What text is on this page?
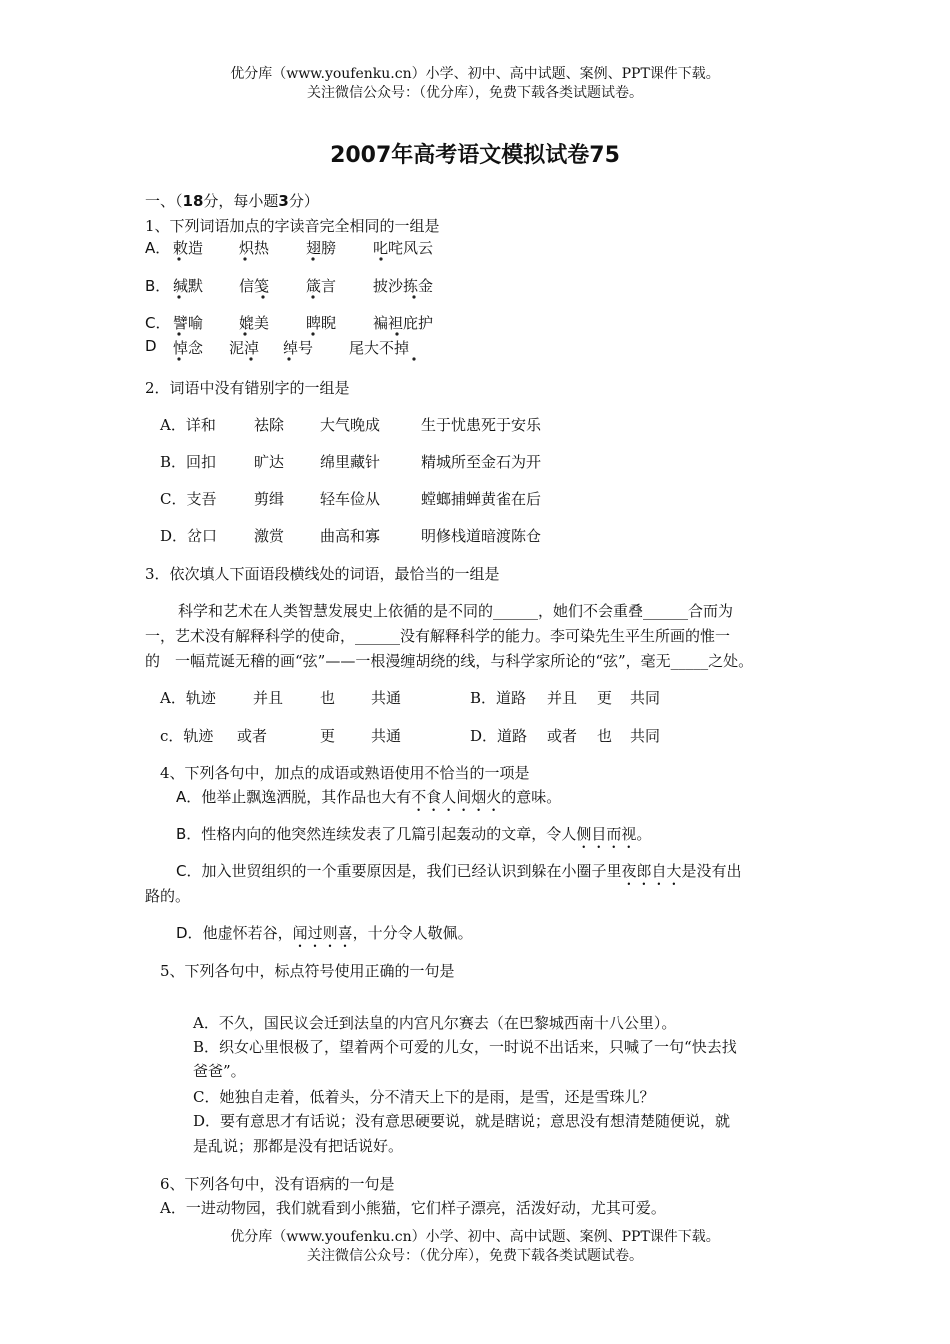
优分库（www.youfenku.cn）小学、初中、高中试题、案例、PPT课件下载。
关注微信公众号：（优分库），免费下载各类试题试卷。
2007年高考语文模拟试卷75
一、（18分，每小题3分）
1、下列词语加点的字读音完全相同的一组是
A． 敕造 炽热 翅膀 叱咤风云
B． 缄默 信笺 箴言 披沙拣金
C． 譬喻 媲美 睥睨 褊袒庇护
D 悼念 泥淖 绰号 尾大不掉
2．词语中没有错别字的一组是
A．详和	祛除 大气晚成	生于忧患死于安乐
B．回扣	旷达 绵里藏针	精城所至金石为开
C．支吾	剪缉 轻车俭从	螳螂捕蝉黄雀在后
D．岔口 激赏 曲高和寡	明修栈道暗渡陈仓
3．依次填人下面语段横线处的词语，最恰当的一组是
科学和艺术在人类智慧发展史上依循的是不同的______，她们不会重叠______合而为
一，艺术没有解释科学的使命，______没有解释科学的能力。李可染先生平生所画的惟一
的　一幅荒诞无稽的画“弦”——一根漫缠胡绕的线，与科学家所论的“弦”，毫无_____之处。
A．轨迹 并且 也 共通	B．道路 并且 更 共同
c．轨迹 或者	更 共通	D．道路 或者 也 共同
4、下列各句中，加点的成语或熟语使用不恰当的一项是
A．他举止飘逸洒脱，其作品也大有不食人间烟火的意味。
B．性格内向的他突然连续发表了几篇引起轰动的文章，令人侧目而视。
C．加入世贸组织的一个重要原因是，我们已经认识到躲在小圈子里夜郎自大是没有出
路的。
D．他虚怀若谷，闻过则喜，十分令人敬佩。
5、下列各句中，标点符号使用正确的一句是
A．不久，国民议会迁到法皇的内宫凡尔赛去（在巴黎城西南十八公里）。
B．织女心里恨极了，望着两个可爱的儿女，一时说不出话来，只喊了一句“快去找
爸爸”。
C．她独自走着，低着头，分不清天上下的是雨，是雪，还是雪珠儿？
D．要有意思才有话说；没有意思硬要说，就是瞎说；意思没有想清楚随便说，就
是乱说；那都是没有把话说好。
6、下列各句中，没有语病的一句是
A．一进动物园，我们就看到小熊猫，它们样子漂亮，活泼好动，尤其可爱。
优分库（www.youfenku.cn）小学、初中、高中试题、案例、PPT课件下载。
关注微信公众号：（优分库），免费下载各类试题试卷。
